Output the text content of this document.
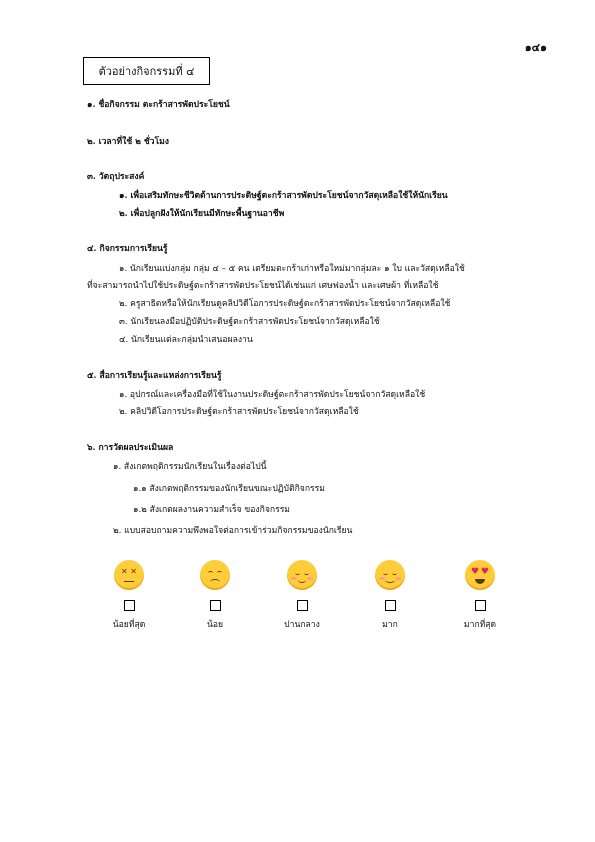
๑๔๑
ตัวอย่างกิจกรรมที่ ๔
๑. ชื่อกิจกรรม ตะกร้าสารพัดประโยชน์
๒. เวลาที่ใช้ ๒ ชั่วโมง
๓. วัตถุประสงค์
๑. เพื่อเสริมทักษะชีวิตด้านการประดิษฐ์ตะกร้าสารพัดประโยชน์จากวัสดุเหลือใช้ให้นักเรียน
๒. เพื่อปลูกฝังให้นักเรียนมีทักษะพื้นฐานอาชีพ
๔. กิจกรรมการเรียนรู้
๑. นักเรียนแบ่งกลุ่ม กลุ่ม ๔ – ๕ คน เตรียมตะกร้าเก่าหรือใหม่มากลุ่มละ ๑ ใบ และวัสดุเหลือใช้
ที่จะสามารถนำไปใช้ประดิษฐ์ตะกร้าสารพัดประโยชน์ได้เช่นแก่ เศษฟองน้ำ และเศษผ้า ที่เหลือใช้
๒. ครูสาธิตหรือให้นักเรียนดูคลิปวิดีโอการประดิษฐ์ตะกร้าสารพัดประโยชน์จากวัสดุเหลือใช้
๓. นักเรียนลงมือปฏิบัติประดิษฐ์ตะกร้าสารพัดประโยชน์จากวัสดุเหลือใช้
๔. นักเรียนแต่ละกลุ่มนำเสนอผลงาน
๕. สื่อการเรียนรู้และแหล่งการเรียนรู้
๑. อุปกรณ์และเครื่องมือที่ใช้ในงานประดิษฐ์ตะกร้าสารพัดประโยชน์จากวัสดุเหลือใช้
๒. คลิปวิดีโอการประดิษฐ์ตะกร้าสารพัดประโยชน์จากวัสดุเหลือใช้
๖. การวัดผลประเมินผล
๑. สังเกตพฤติกรรมนักเรียนในเรื่องต่อไปนี้
๑.๑ สังเกตพฤติกรรมของนักเรียนขณะปฏิบัติกิจกรรม
๑.๒ สังเกตผลงานความสำเร็จ ของกิจกรรม
๒. แบบสอบถามความพึงพอใจต่อการเข้าร่วมกิจกรรมของนักเรียน
✕ ✕
น้อยที่สุด	น้อย	ปานกลาง	มาก
♥ ♥
มากที่สุด
